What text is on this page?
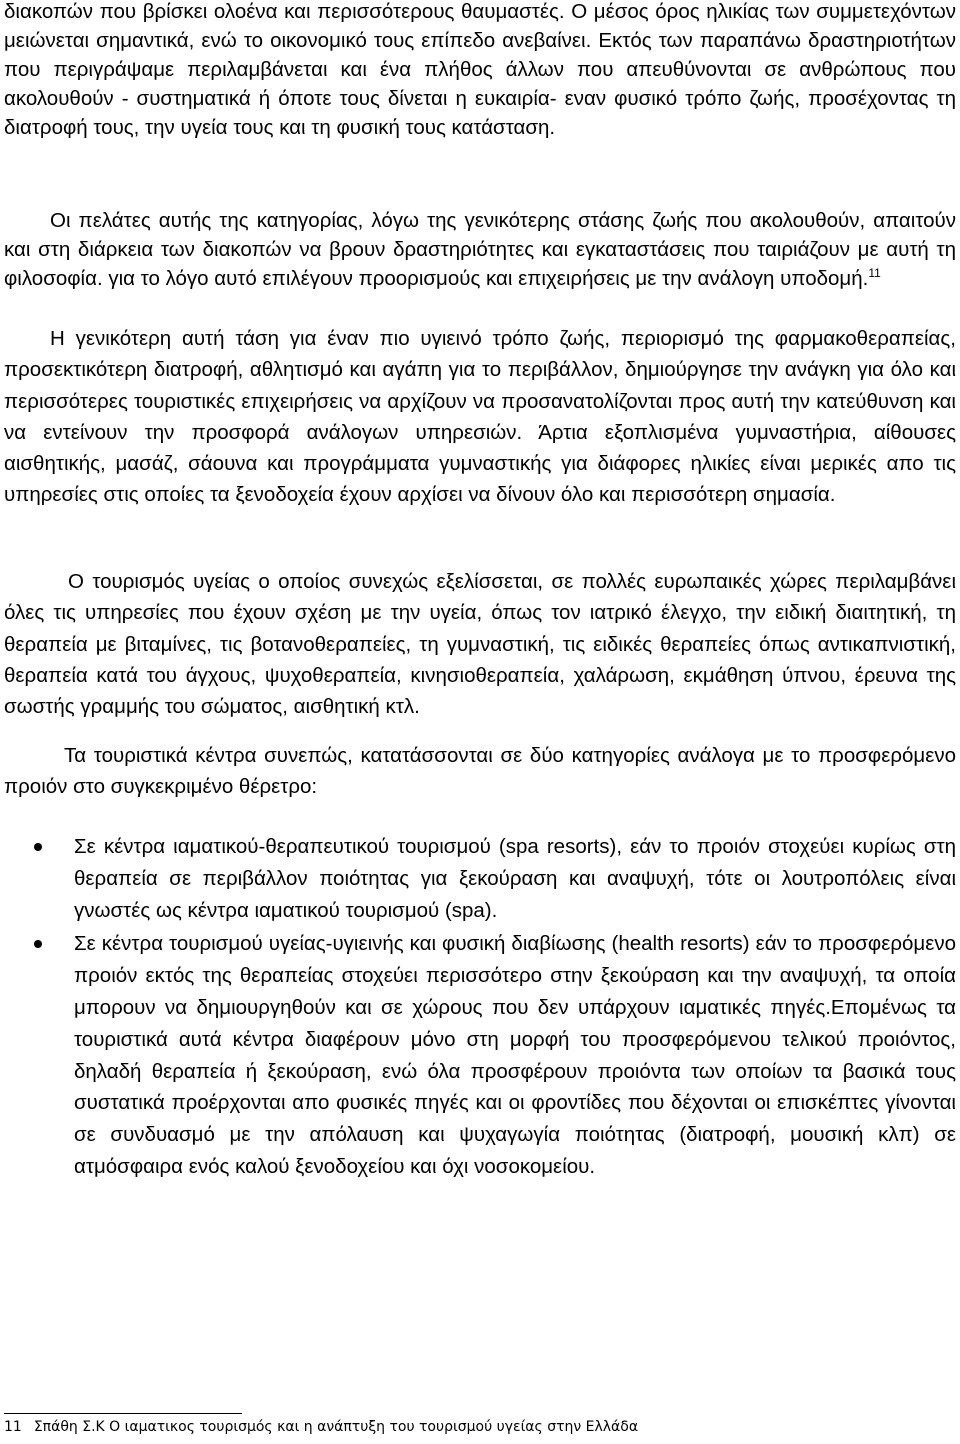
διακοπών που βρίσκει ολοένα και περισσότερους θαυμαστές. Ο μέσος όρος ηλικίας των συμμετεχόντων μειώνεται σημαντικά, ενώ το οικονομικό τους επίπεδο ανεβαίνει. Εκτός των παραπάνω δραστηριοτήτων που περιγράψαμε περιλαμβάνεται και ένα πλήθος άλλων που απευθύνονται σε ανθρώπους που ακολουθούν - συστηματικά ή όποτε τους δίνεται η ευκαιρία- εναν φυσικό τρόπο ζωής, προσέχοντας τη διατροφή τους, την υγεία τους και τη φυσική τους κατάσταση.

Οι πελάτες αυτής της κατηγορίας, λόγω της γενικότερης στάσης ζωής που ακολουθούν, απαιτούν και στη διάρκεια των διακοπών να βρουν δραστηριότητες και εγκαταστάσεις που ταιριάζουν με αυτή τη φιλοσοφία. για το λόγο αυτό επιλέγουν προορισμούς και επιχειρήσεις με την ανάλογη υποδομή.$^{11}$

Η γενικότερη αυτή τάση για έναν πιο υγιεινό τρόπο ζωής, περιορισμό της φαρμακοθεραπείας, προσεκτικότερη διατροφή, αθλητισμό και αγάπη για το περιβάλλον, δημιούργησε την ανάγκη για όλο και περισσότερες τουριστικές επιχειρήσεις να αρχίζουν να προσανατολίζονται προς αυτή την κατεύθυνση και να εντείνουν την προσφορά ανάλογων υπηρεσιών. Άρτια εξοπλισμένα γυμναστήρια, αίθουσες αισθητικής, μασάζ, σάουνα και προγράμματα γυμναστικής για διάφορες ηλικίες είναι μερικές απο τις υπηρεσίες στις οποίες τα ξενοδοχεία έχουν αρχίσει να δίνουν όλο και περισσότερη σημασία.

Ο τουρισμός υγείας ο οποίος συνεχώς εξελίσσεται, σε πολλές ευρωπαικές χώρες περιλαμβάνει όλες τις υπηρεσίες που έχουν σχέση με την υγεία, όπως τον ιατρικό έλεγχο, την ειδική διαιτητική, τη θεραπεία με βιταμίνες, τις βοτανοθεραπείες, τη γυμναστική, τις ειδικές θεραπείες όπως αντικαπνιστική, θεραπεία κατά του άγχους, ψυχοθεραπεία, κινησιοθεραπεία, χαλάρωση, εκμάθηση ύπνου, έρευνα της σωστής γραμμής του σώματος, αισθητική κτλ.

Τα τουριστικά κέντρα συνεπώς, κατατάσσονται σε δύο κατηγορίες ανάλογα με το προσφερόμενο προιόν στο συγκεκριμένο θέρετρο:

Σε κέντρα ιαματικού-θεραπευτικού τουρισμού (spa resorts), εάν το προιόν στοχεύει κυρίως στη θεραπεία σε περιβάλλον ποιότητας για ξεκούραση και αναψυχή, τότε οι λουτροπόλεις είναι γνωστές ως κέντρα ιαματικού τουρισμού (spa).
Σε κέντρα τουρισμού υγείας-υγιεινής και φυσική διαβίωσης (health resorts) εάν το προσφερόμενο προιόν εκτός της θεραπείας στοχεύει περισσότερο στην ξεκούραση και την αναψυχή, τα οποία μπορουν να δημιουργηθούν και σε χώρους που δεν υπάρχουν ιαματικές πηγές.Επομένως τα τουριστικά αυτά κέντρα διαφέρουν μόνο στη μορφή του προσφερόμενου τελικού προιόντος, δηλαδή θεραπεία ή ξεκούραση, ενώ όλα προσφέρουν προιόντα των οποίων τα βασικά τους συστατικά προέρχονται απο φυσικές πηγές και οι φροντίδες που δέχονται οι επισκέπτες γίνονται σε συνδυασμό με την απόλαυση και ψυχαγωγία ποιότητας (διατροφή, μουσική κλπ) σε ατμόσφαιρα ενός καλού ξενοδοχείου και όχι νοσοκομείου.

11 Σπάθη Σ.Κ Ο ιαματικος τουρισμός και η ανάπτυξη του τουρισμού υγείας στην Ελλάδα
